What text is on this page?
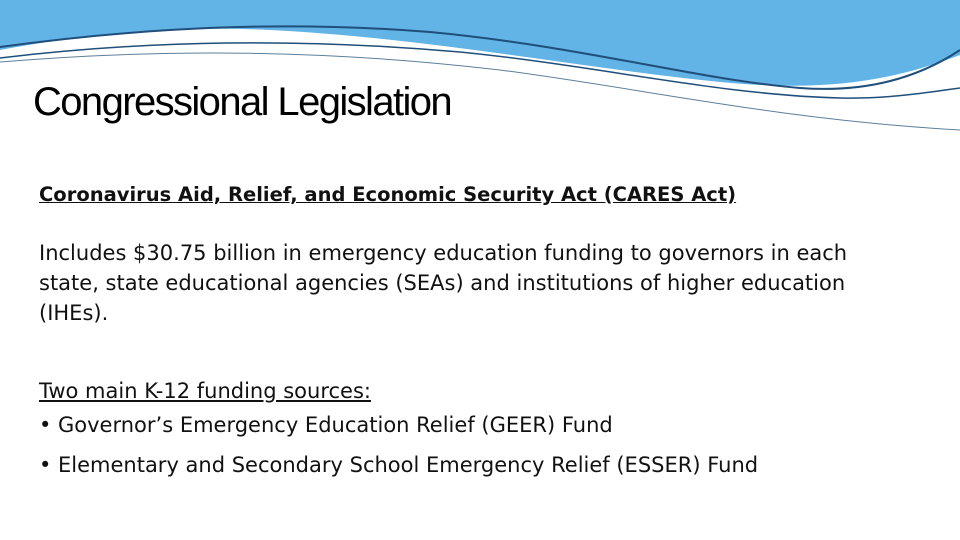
Congressional Legislation

Coronavirus Aid, Relief, and Economic Security Act (CARES Act)

Includes $30.75 billion in emergency education funding to governors in each state, state educational agencies (SEAs) and institutions of higher education (IHEs).

Two main K-12 funding sources:

• Governor’s Emergency Education Relief (GEER) Fund
• Elementary and Secondary School Emergency Relief (ESSER) Fund
